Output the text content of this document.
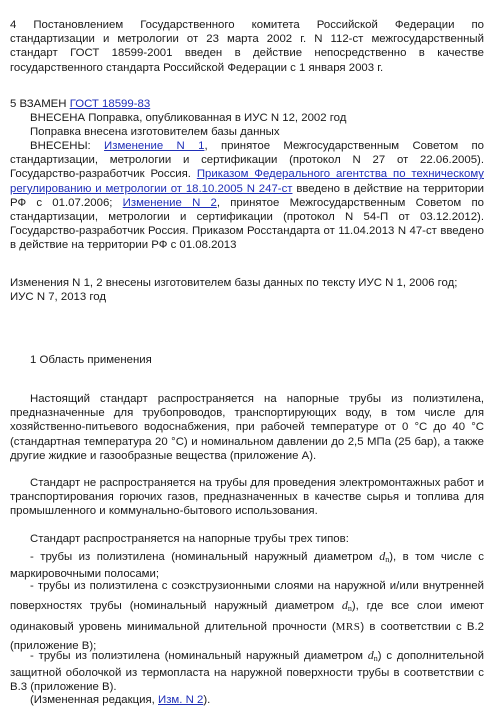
4 Постановлением Государственного комитета Российской Федерации по стандартизации и метрологии от 23 марта 2002 г. N 112-ст межгосударственный стандарт ГОСТ 18599-2001 введен в действие непосредственно в качестве государственного стандарта Российской Федерации с 1 января 2003 г.

5 ВЗАМЕН ГОСТ 18599-83

ВНЕСЕНА Поправка, опубликованная в ИУС N 12, 2002 год

Поправка внесена изготовителем базы данных

ВНЕСЕНЫ: Изменение N 1, принятое Межгосударственным Советом по стандартизации, метрологии и сертификации (протокол N 27 от 22.06.2005). Государство-разработчик Россия. Приказом Федерального агентства по техническому регулированию и метрологии от 18.10.2005 N 247-ст введено в действие на территории РФ с 01.07.2006; Изменение N 2, принятое Межгосударственным Советом по стандартизации, метрологии и сертификации (протокол N 54-П от 03.12.2012). Государство-разработчик Россия. Приказом Росстандарта от 11.04.2013 N 47-ст введено в действие на территории РФ с 01.08.2013

Изменения N 1, 2 внесены изготовителем базы данных по тексту ИУС N 1, 2006 год; ИУС N 7, 2013 год

1 Область применения

Настоящий стандарт распространяется на напорные трубы из полиэтилена, предназначенные для трубопроводов, транспортирующих воду, в том числе для хозяйственно-питьевого водоснабжения, при рабочей температуре от 0 °С до 40 °С (стандартная температура 20 °С) и номинальном давлении до 2,5 МПа (25 бар), а также другие жидкие и газообразные вещества (приложение А).

Стандарт не распространяется на трубы для проведения электромонтажных работ и транспортирования горючих газов, предназначенных в качестве сырья и топлива для промышленного и коммунально-бытового использования.

Стандарт распространяется на напорные трубы трех типов:

- трубы из полиэтилена (номинальный наружный диаметром $d_n$), в том числе с маркировочными полосами;

- трубы из полиэтилена с соэкструзионными слоями на наружной и/или внутренней поверхностях трубы (номинальный наружный диаметром $d_n$), где все слои имеют одинаковый уровень минимальной длительной прочности (MRS) в соответствии с В.2 (приложение В);

- трубы из полиэтилена (номинальный наружный диаметром $d_n$) с дополнительной защитной оболочкой из термопласта на наружной поверхности трубы в соответствии с В.3 (приложение В).

(Измененная редакция, Изм. N 2).
